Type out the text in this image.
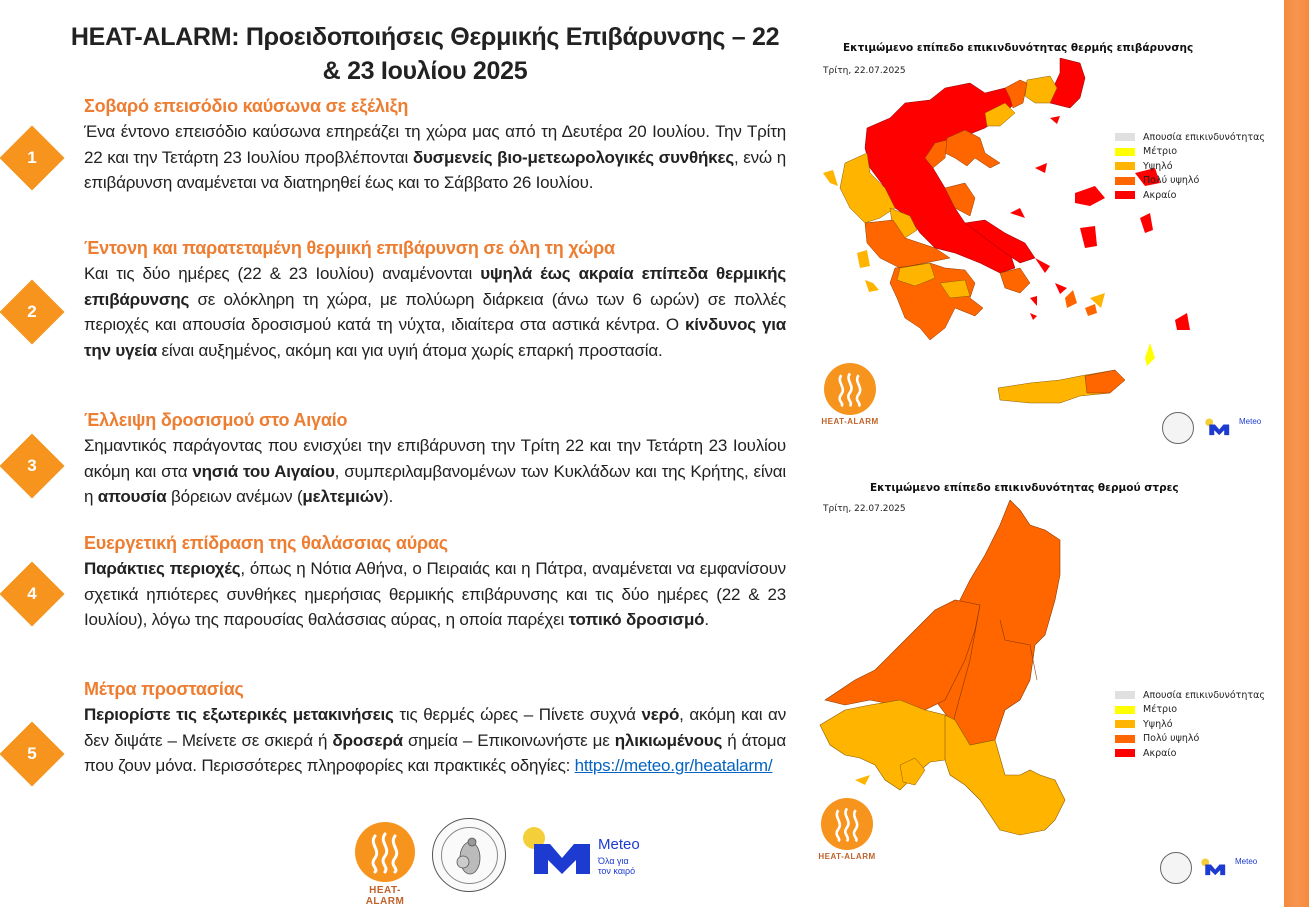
HEAT-ALARM: Προειδοποιήσεις Θερμικής Επιβάρυνσης – 22
& 23 Ιουλίου 2025
1
2
3
4
5
Σοβαρό επεισόδιο καύσωνα σε εξέλιξη

Ένα έντονο επεισόδιο καύσωνα επηρεάζει τη χώρα μας από τη Δευτέρα 20 Ιουλίου. Την Τρίτη 22 και την Τετάρτη 23 Ιουλίου προβλέπονται δυσμενείς βιο-μετεωρολογικές συνθήκες, ενώ η επιβάρυνση αναμένεται να διατηρηθεί έως και το Σάββατο 26 Ιουλίου.

Έντονη και παρατεταμένη θερμική επιβάρυνση σε όλη τη χώρα

Και τις δύο ημέρες (22 & 23 Ιουλίου) αναμένονται υψηλά έως ακραία επίπεδα θερμικής επιβάρυνσης σε ολόκληρη τη χώρα, με πολύωρη διάρκεια (άνω των 6 ωρών) σε πολλές περιοχές και απουσία δροσισμού κατά τη νύχτα, ιδιαίτερα στα αστικά κέντρα. Ο κίνδυνος για την υγεία είναι αυξημένος, ακόμη και για υγιή άτομα χωρίς επαρκή προστασία.

Έλλειψη δροσισμού στο Αιγαίο

Σημαντικός παράγοντας που ενισχύει την επιβάρυνση την Τρίτη 22 και την Τετάρτη 23 Ιουλίου ακόμη και στα νησιά του Αιγαίου, συμπεριλαμβανομένων των Κυκλάδων και της Κρήτης, είναι η απουσία βόρειων ανέμων (μελτεμιών).

Ευεργετική επίδραση της θαλάσσιας αύρας

Παράκτιες περιοχές, όπως η Νότια Αθήνα, ο Πειραιάς και η Πάτρα, αναμένεται να εμφανίσουν σχετικά ηπιότερες συνθήκες ημερήσιας θερμικής επιβάρυνσης και τις δύο ημέρες (22 & 23 Ιουλίου), λόγω της παρουσίας θαλάσσιας αύρας, η οποία παρέχει τοπικό δροσισμό.

Μέτρα προστασίας

Περιορίστε τις εξωτερικές μετακινήσεις τις θερμές ώρες – Πίνετε συχνά νερό, ακόμη και αν δεν διψάτε – Μείνετε σε σκιερά ή δροσερά σημεία – Επικοινωνήστε με ηλικιωμένους ή άτομα που ζουν μόνα. Περισσότερες πληροφορίες και πρακτικές οδηγίες: https://meteo.gr/heatalarm/

HEAT-ALARM
Meteo
Όλα για
τον καιρό
Εκτιμώμενο επίπεδο επικινδυνότητας θερμής επιβάρυνσης
Τρίτη, 22.07.2025
Απουσία επικινδυνότητας
Μέτριο
Υψηλό
Πολύ υψηλό
Ακραίο
HEAT-ALARM	Meteo
Εκτιμώμενο επίπεδο επικινδυνότητας θερμού στρες
Τρίτη, 22.07.2025
Απουσία επικινδυνότητας
Μέτριο
Υψηλό
Πολύ υψηλό
Ακραίο
HEAT-ALARM
Meteo
